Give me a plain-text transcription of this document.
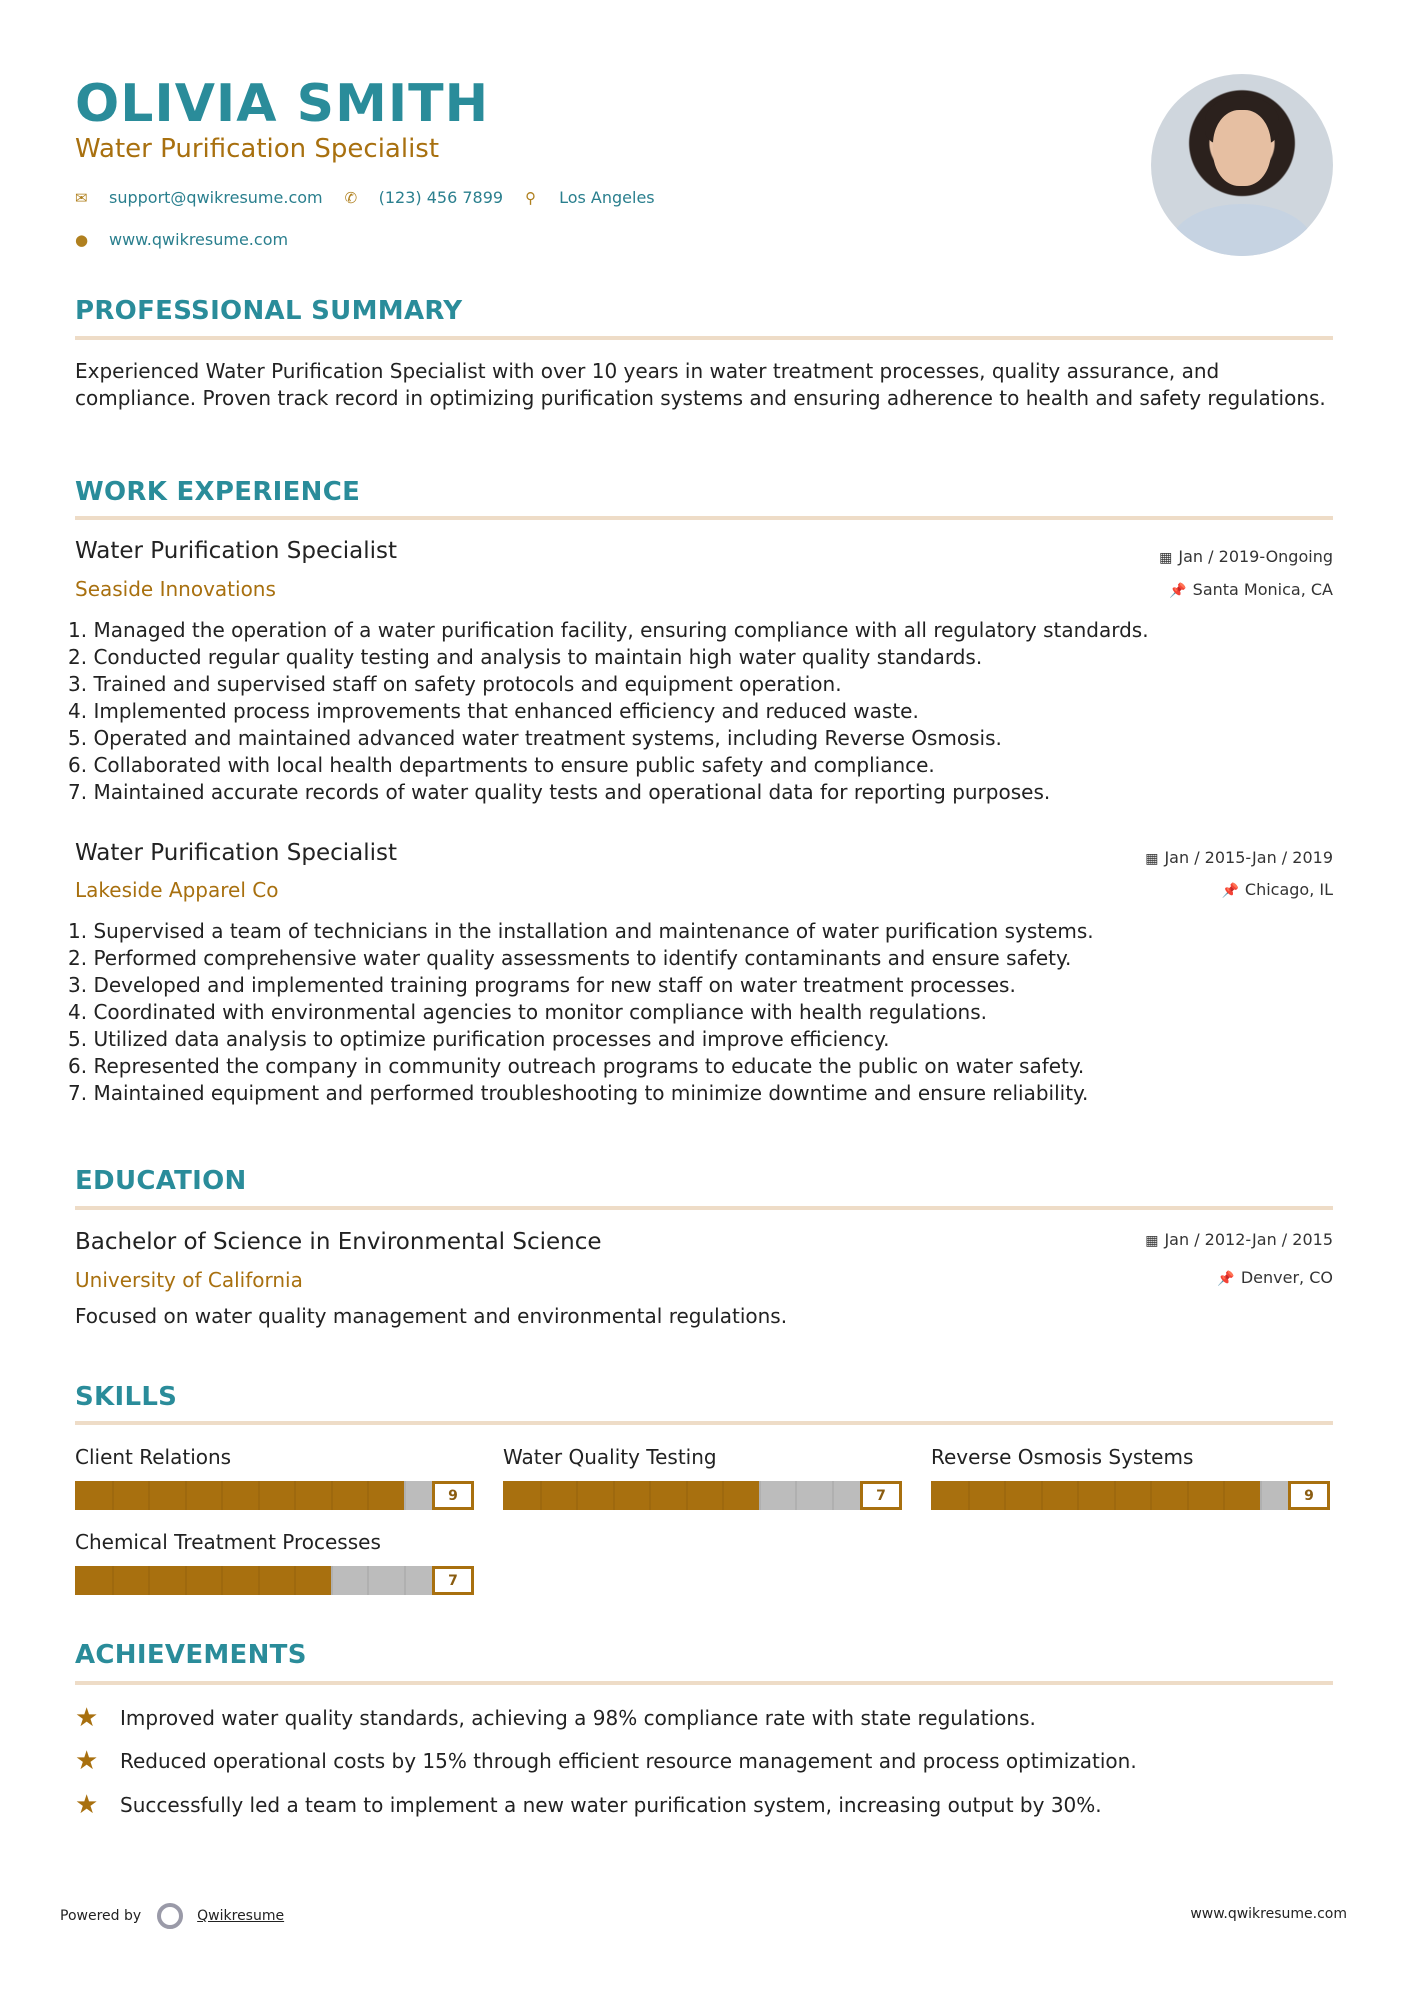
OLIVIA SMITH
Water Purification Specialist
✉	support@qwikresume.com ✆	(123) 456 7899 ⚲	Los Angeles
●	www.qwikresume.com
PROFESSIONAL SUMMARY
Experienced Water Purification Specialist with over 10 years in water treatment processes, quality assurance, and compliance. Proven track record in optimizing purification systems and ensuring adherence to health and safety regulations.
WORK EXPERIENCE
Water Purification Specialist
Seaside Innovations
▦ Jan / 2019-Ongoing
📌 Santa Monica, CA
1. Managed the operation of a water purification facility, ensuring compliance with all regulatory standards.
2. Conducted regular quality testing and analysis to maintain high water quality standards.
3. Trained and supervised staff on safety protocols and equipment operation.
4. Implemented process improvements that enhanced efficiency and reduced waste.
5. Operated and maintained advanced water treatment systems, including Reverse Osmosis.
6. Collaborated with local health departments to ensure public safety and compliance.
7. Maintained accurate records of water quality tests and operational data for reporting purposes.
Water Purification Specialist
Lakeside Apparel Co
▦ Jan / 2015-Jan / 2019
📌 Chicago, IL
1. Supervised a team of technicians in the installation and maintenance of water purification systems.
2. Performed comprehensive water quality assessments to identify contaminants and ensure safety.
3. Developed and implemented training programs for new staff on water treatment processes.
4. Coordinated with environmental agencies to monitor compliance with health regulations.
5. Utilized data analysis to optimize purification processes and improve efficiency.
6. Represented the company in community outreach programs to educate the public on water safety.
7. Maintained equipment and performed troubleshooting to minimize downtime and ensure reliability.
EDUCATION
Bachelor of Science in Environmental Science
University of California
▦ Jan / 2012-Jan / 2015
📌 Denver, CO
Focused on water quality management and environmental regulations.
SKILLS
Client Relations
9
Water Quality Testing
7
Reverse Osmosis Systems
9
Chemical Treatment Processes
7
ACHIEVEMENTS
★	Improved water quality standards, achieving a 98% compliance rate with state regulations.
★	Reduced operational costs by 15% through efficient resource management and process optimization.
★	Successfully led a team to implement a new water purification system, increasing output by 30%.
Powered by	Qwikresume	www.qwikresume.com
